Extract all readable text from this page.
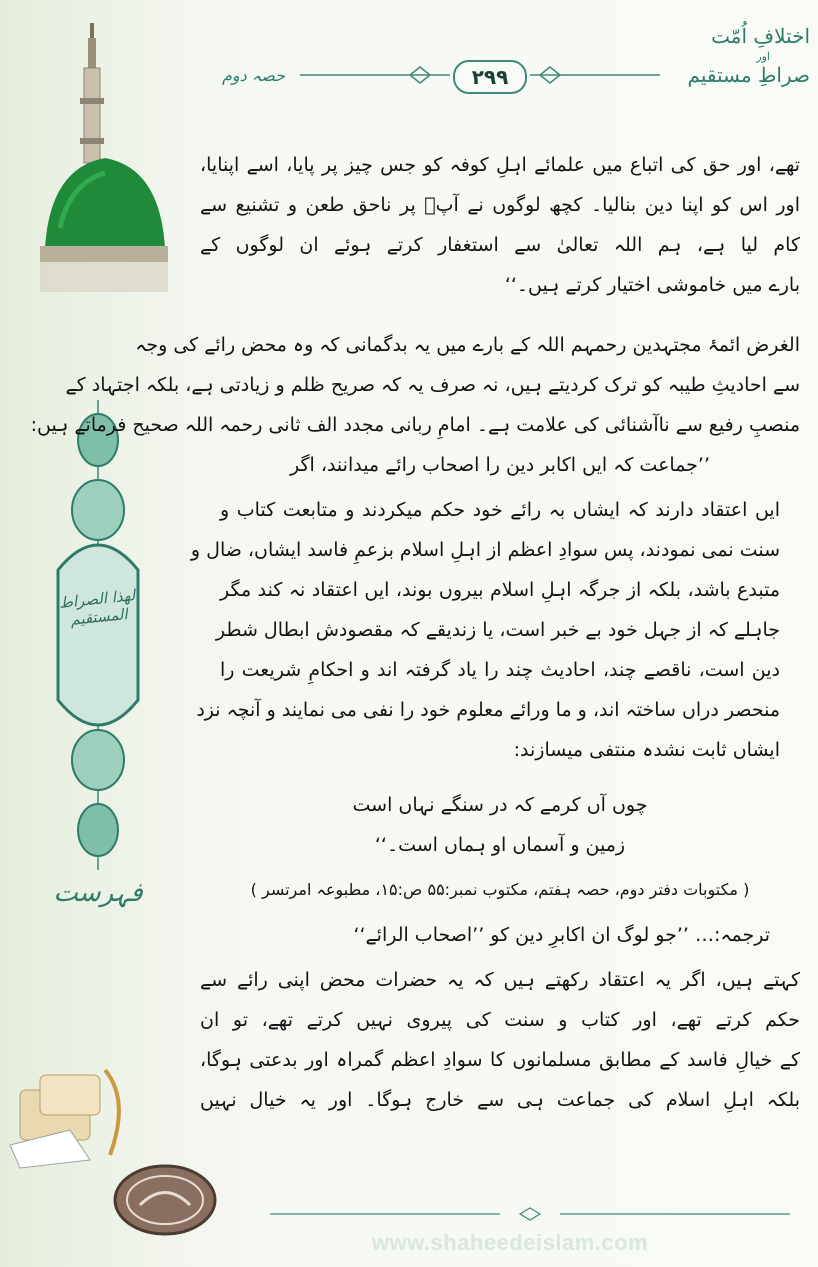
۲۹۹
حصہ دوم
اختلافِ اُمّت
اور
صراطِ مستقیم
لھذا الصراط المستقیم
فہرست
تھے، اور حق کی اتباع میں علمائے اہلِ کوفہ کو جس چیز پر پایا، اسے اپنایا،
اور اس کو اپنا دین بنالیا۔ کچھ لوگوں نے آپؒ پر ناحق طعن و تشنیع سے
کام لیا ہے، ہم اللہ تعالیٰ سے استغفار کرتے ہوئے ان لوگوں کے
بارے میں خاموشی اختیار کرتے ہیں۔‘‘
الغرض ائمۂ مجتہدین رحمہم اللہ کے بارے میں یہ بدگمانی کہ وہ محض رائے کی وجہ
سے احادیثِ طیبہ کو ترک کردیتے ہیں، نہ صرف یہ کہ صریح ظلم و زیادتی ہے، بلکہ اجتہاد کے
منصبِ رفیع سے ناآشنائی کی علامت ہے۔ امامِ ربانی مجدد الف ثانی رحمہ اللہ صحیح فرماتے ہیں:
’’جماعت کہ ایں اکابر دین را اصحاب رائے میدانند، اگر
ایں اعتقاد دارند کہ ایشاں بہ رائے خود حکم میکردند و متابعت کتاب و
سنت نمی نمودند، پس سوادِ اعظم از اہلِ اسلام بزعمِ فاسد ایشاں، ضال و
متبدع باشد، بلکہ از جرگہ اہلِ اسلام بیروں بوند، ایں اعتقاد نہ کند مگر
جاہلے کہ از جہل خود بے خبر است، یا زندیقے کہ مقصودش ابطال شطر
دین است، ناقصے چند، احادیث چند را یاد گرفتہ اند و احکامِ شریعت را
منحصر دراں ساختہ اند، و ما ورائے معلوم خود را نفی می نمایند و آنچہ نزد
ایشاں ثابت نشدہ منتفی میسازند:
چوں آں کرمے کہ در سنگے نہاں است
زمین و آسماں او ہماں است۔‘‘
( مکتوبات دفتر دوم، حصہ ہفتم، مکتوب نمبر:۵۵ ص:۱۵، مطبوعہ امرتسر )
ترجمہ:… ’’جو لوگ ان اکابرِ دین کو ’’اصحاب الرائے‘‘
کہتے ہیں، اگر یہ اعتقاد رکھتے ہیں کہ یہ حضرات محض اپنی رائے سے
حکم کرتے تھے، اور کتاب و سنت کی پیروی نہیں کرتے تھے، تو ان
کے خیالِ فاسد کے مطابق مسلمانوں کا سوادِ اعظم گمراہ اور بدعتی ہوگا،
بلکہ اہلِ اسلام کی جماعت ہی سے خارج ہوگا۔ اور یہ خیال نہیں
www.shaheedeislam.com
